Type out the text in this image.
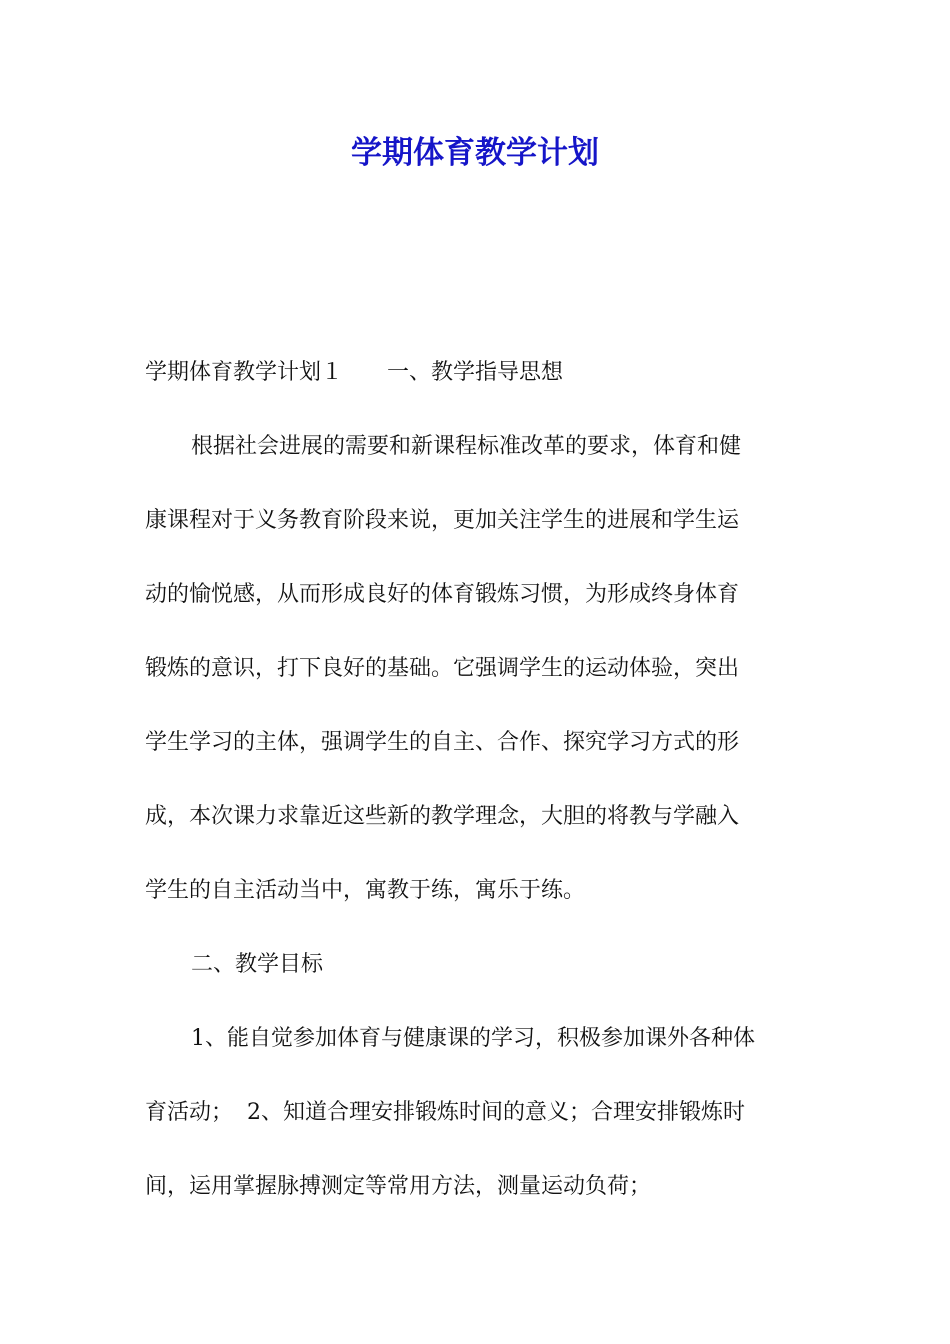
学期体育教学计划
学期体育教学计划１ 一、教学指导思想
根据社会进展的需要和新课程标准改革的要求，体育和健
康课程对于义务教育阶段来说，更加关注学生的进展和学生运
动的愉悦感，从而形成良好的体育锻炼习惯，为形成终身体育
锻炼的意识，打下良好的基础。它强调学生的运动体验，突出
学生学习的主体，强调学生的自主、合作、探究学习方式的形
成，本次课力求靠近这些新的教学理念，大胆的将教与学融入
学生的自主活动当中，寓教于练，寓乐于练。
二、教学目标
1、能自觉参加体育与健康课的学习，积极参加课外各种体
育活动； 2、知道合理安排锻炼时间的意义；合理安排锻炼时
间，运用掌握脉搏测定等常用方法，测量运动负荷；
